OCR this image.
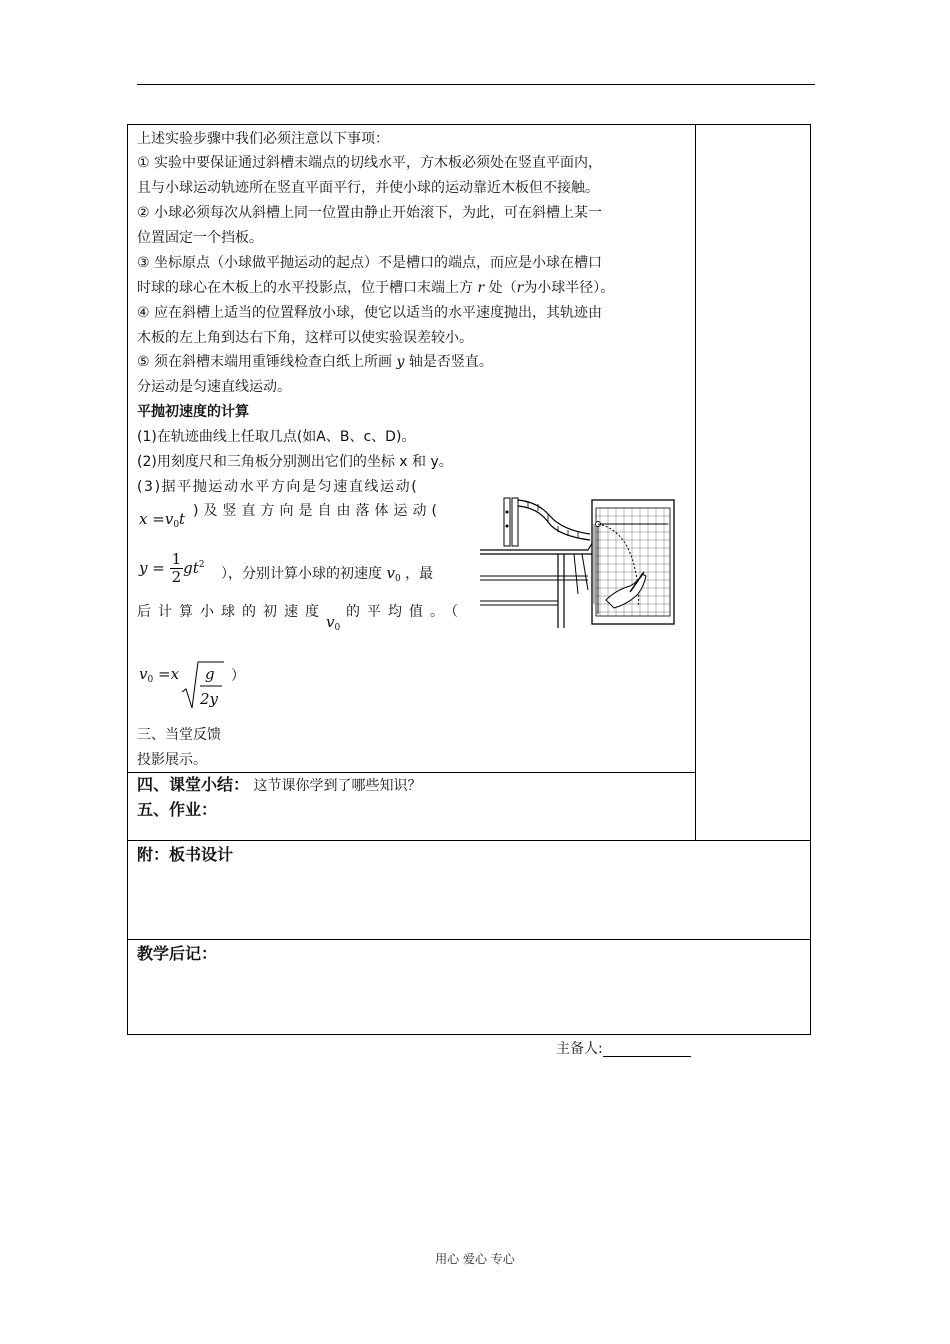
上述实验步骤中我们必须注意以下事项：
① 实验中要保证通过斜槽末端点的切线水平，方木板必须处在竖直平面内，
且与小球运动轨迹所在竖直平面平行，并使小球的运动靠近木板但不接触。
② 小球必须每次从斜槽上同一位置由静止开始滚下，为此，可在斜槽上某一
位置固定一个挡板。
③ 坐标原点（小球做平抛运动的起点）不是槽口的端点，而应是小球在槽口
时球的球心在木板上的水平投影点，位于槽口末端上方 r 处（r为小球半径）。
④ 应在斜槽上适当的位置释放小球，使它以适当的水平速度抛出，其轨迹由
木板的左上角到达右下角，这样可以使实验误差较小。
⑤ 须在斜槽末端用重锤线检查白纸上所画 y 轴是否竖直。
分运动是匀速直线运动。
平抛初速度的计算
(1)在轨迹曲线上任取几点(如A、B、c、D)。
(2)用刻度尺和三角板分别测出它们的坐标 x 和 y。
(3)据平抛运动水平方向是匀速直线运动(
$x =v_0t$ )及竖直方向是自由落体运动(
$y = \frac{1}{2} gt^2$
），分别计算小球的初速度 $v_0$ ，最
后计算小球的初速度
$v_0$
的平均值。（
$v_0 =x$ g
2y
）
三、当堂反馈
投影展示。
四、课堂小结： 这节课你学到了哪些知识？
五、作业：
附：板书设计
教学后记：
主备人:
用心 爱心 专心
